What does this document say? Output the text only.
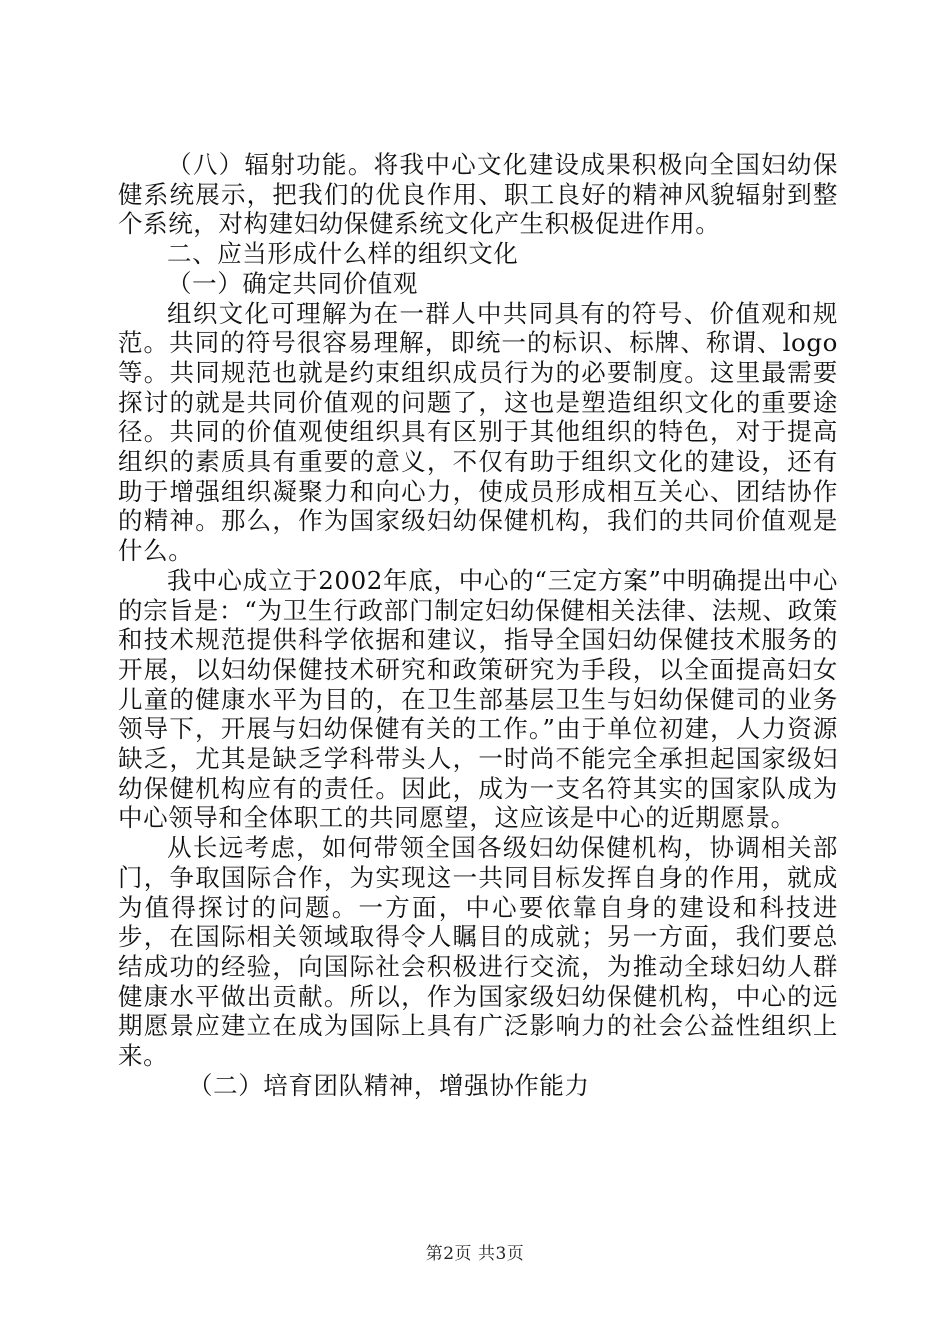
（八）辐射功能。将我中心文化建设成果积极向全国妇幼保健系统展示，把我们的优良作用、职工良好的精神风貌辐射到整个系统，对构建妇幼保健系统文化产生积极促进作用。

二、应当形成什么样的组织文化

（一）确定共同价值观

组织文化可理解为在一群人中共同具有的符号、价值观和规范。共同的符号很容易理解，即统一的标识、标牌、称谓、logo等。共同规范也就是约束组织成员行为的必要制度。这里最需要探讨的就是共同价值观的问题了，这也是塑造组织文化的重要途径。共同的价值观使组织具有区别于其他组织的特色，对于提高组织的素质具有重要的意义，不仅有助于组织文化的建设，还有助于增强组织凝聚力和向心力，使成员形成相互关心、团结协作的精神。那么，作为国家级妇幼保健机构，我们的共同价值观是什么。

我中心成立于2002年底，中心的“三定方案”中明确提出中心的宗旨是：“为卫生行政部门制定妇幼保健相关法律、法规、政策和技术规范提供科学依据和建议，指导全国妇幼保健技术服务的开展，以妇幼保健技术研究和政策研究为手段，以全面提高妇女儿童的健康水平为目的，在卫生部基层卫生与妇幼保健司的业务领导下，开展与妇幼保健有关的工作。”由于单位初建，人力资源缺乏，尤其是缺乏学科带头人，一时尚不能完全承担起国家级妇幼保健机构应有的责任。因此，成为一支名符其实的国家队成为中心领导和全体职工的共同愿望，这应该是中心的近期愿景。

从长远考虑，如何带领全国各级妇幼保健机构，协调相关部门，争取国际合作，为实现这一共同目标发挥自身的作用，就成为值得探讨的问题。一方面，中心要依靠自身的建设和科技进步，在国际相关领域取得令人瞩目的成就；另一方面，我们要总结成功的经验，向国际社会积极进行交流，为推动全球妇幼人群健康水平做出贡献。所以，作为国家级妇幼保健机构，中心的远期愿景应建立在成为国际上具有广泛影响力的社会公益性组织上来。

（二）培育团队精神，增强协作能力

第2页 共3页
